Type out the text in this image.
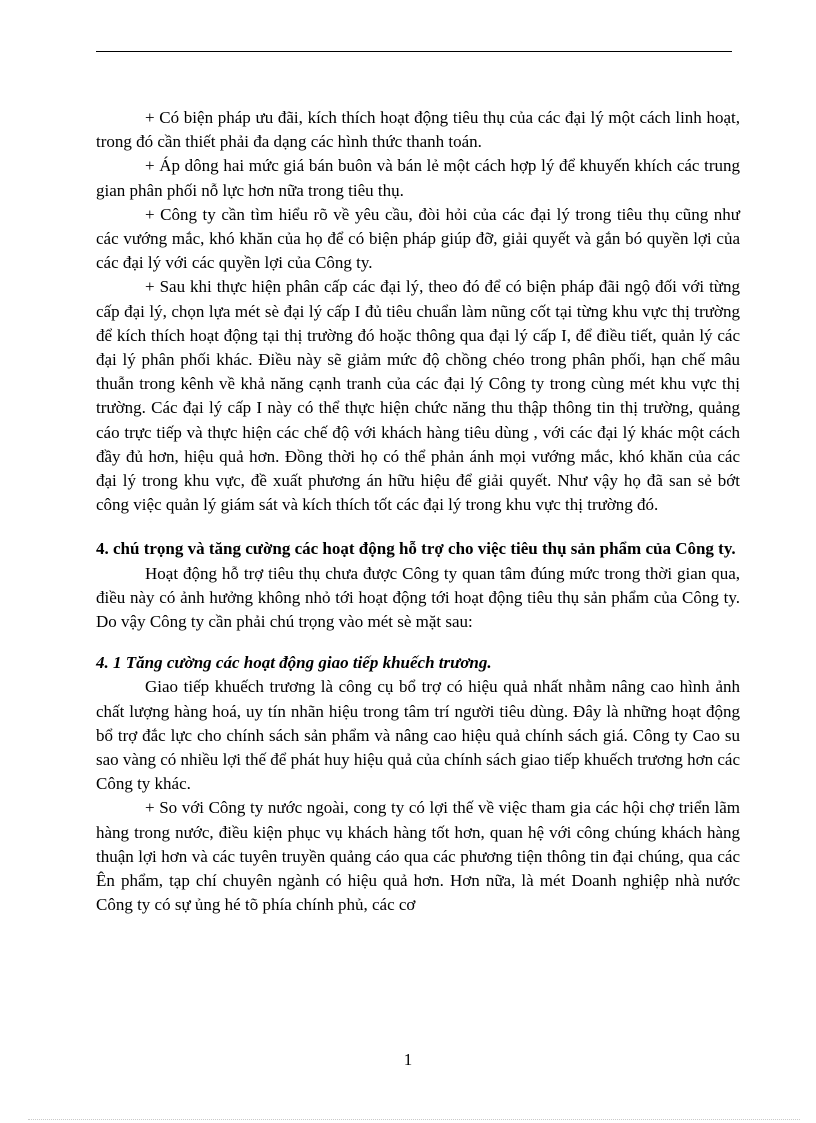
+ Có biện pháp ưu đãi, kích thích hoạt động tiêu thụ của các đại lý một cách linh hoạt, trong đó cần thiết phải đa dạng các hình thức thanh toán.

+ Áp dông hai mức giá bán buôn và bán lẻ một cách hợp lý để khuyến khích các trung gian phân phối nỗ lực hơn nữa trong tiêu thụ.

+ Công ty cần tìm hiểu rõ về yêu cầu, đòi hỏi của các đại lý trong tiêu thụ cũng như các vướng mắc, khó khăn của họ để có biện pháp giúp đỡ, giải quyết và gắn bó quyền lợi của các đại lý với các quyền lợi của Công ty.

+ Sau khi thực hiện phân cấp các đại lý, theo đó để có biện pháp đãi ngộ đối với từng cấp đại lý, chọn lựa mét sè đại lý cấp I đủ tiêu chuẩn làm nũng cốt tại từng khu vực thị trường để kích thích hoạt động tại thị trường đó hoặc thông qua đại lý cấp I, để điều tiết, quản lý các đại lý phân phối khác. Điều này sẽ giảm mức độ chồng chéo trong phân phối, hạn chế mâu thuẫn trong kênh về khả năng cạnh tranh của các đại lý Công ty trong cùng mét khu vực thị trường. Các đại lý cấp I này có thể thực hiện chức năng thu thập thông tin thị trường, quảng cáo trực tiếp và thực hiện các chế độ với khách hàng tiêu dùng , với các đại lý khác một cách đầy đủ hơn, hiệu quả hơn. Đồng thời họ có thể phản ánh mọi vướng mắc, khó khăn của các đại lý trong khu vực, đề xuất phương án hữu hiệu để giải quyết. Như vậy họ đã san sẻ bớt công việc quản lý giám sát và kích thích tốt các đại lý trong khu vực thị trường đó.

4. chú trọng và tăng cường các hoạt động hỗ trợ cho việc tiêu thụ sản phẩm của Công ty.

Hoạt động hỗ trợ tiêu thụ chưa được Công ty quan tâm đúng mức trong thời gian qua, điều này có ảnh hưởng không nhỏ tới hoạt động tới hoạt động tiêu thụ sản phẩm của Công ty. Do vậy Công ty cần phải chú trọng vào mét sè mặt sau:

4. 1 Tăng cường các hoạt động giao tiếp khuếch trương.

Giao tiếp khuếch trương là công cụ bổ trợ có hiệu quả nhất nhằm nâng cao hình ảnh chất lượng hàng hoá, uy tín nhãn hiệu trong tâm trí người tiêu dùng. Đây là những hoạt động bổ trợ đắc lực cho chính sách sản phẩm và nâng cao hiệu quả chính sách giá. Công ty Cao su sao vàng có nhiều lợi thế để phát huy hiệu quả của chính sách giao tiếp khuếch trương hơn các Công ty khác.

+ So với Công ty nước ngoài, cong ty có lợi thế về việc tham gia các hội chợ triển lãm hàng trong nước, điều kiện phục vụ khách hàng tốt hơn, quan hệ với công chúng khách hàng thuận lợi hơn và các tuyên truyền quảng cáo qua các phương tiện thông tin đại chúng, qua các Ên phẩm, tạp chí chuyên ngành có hiệu quả hơn. Hơn nữa, là mét Doanh nghiệp nhà nước Công ty có sự ủng hé tõ phía chính phủ, các cơ

1
